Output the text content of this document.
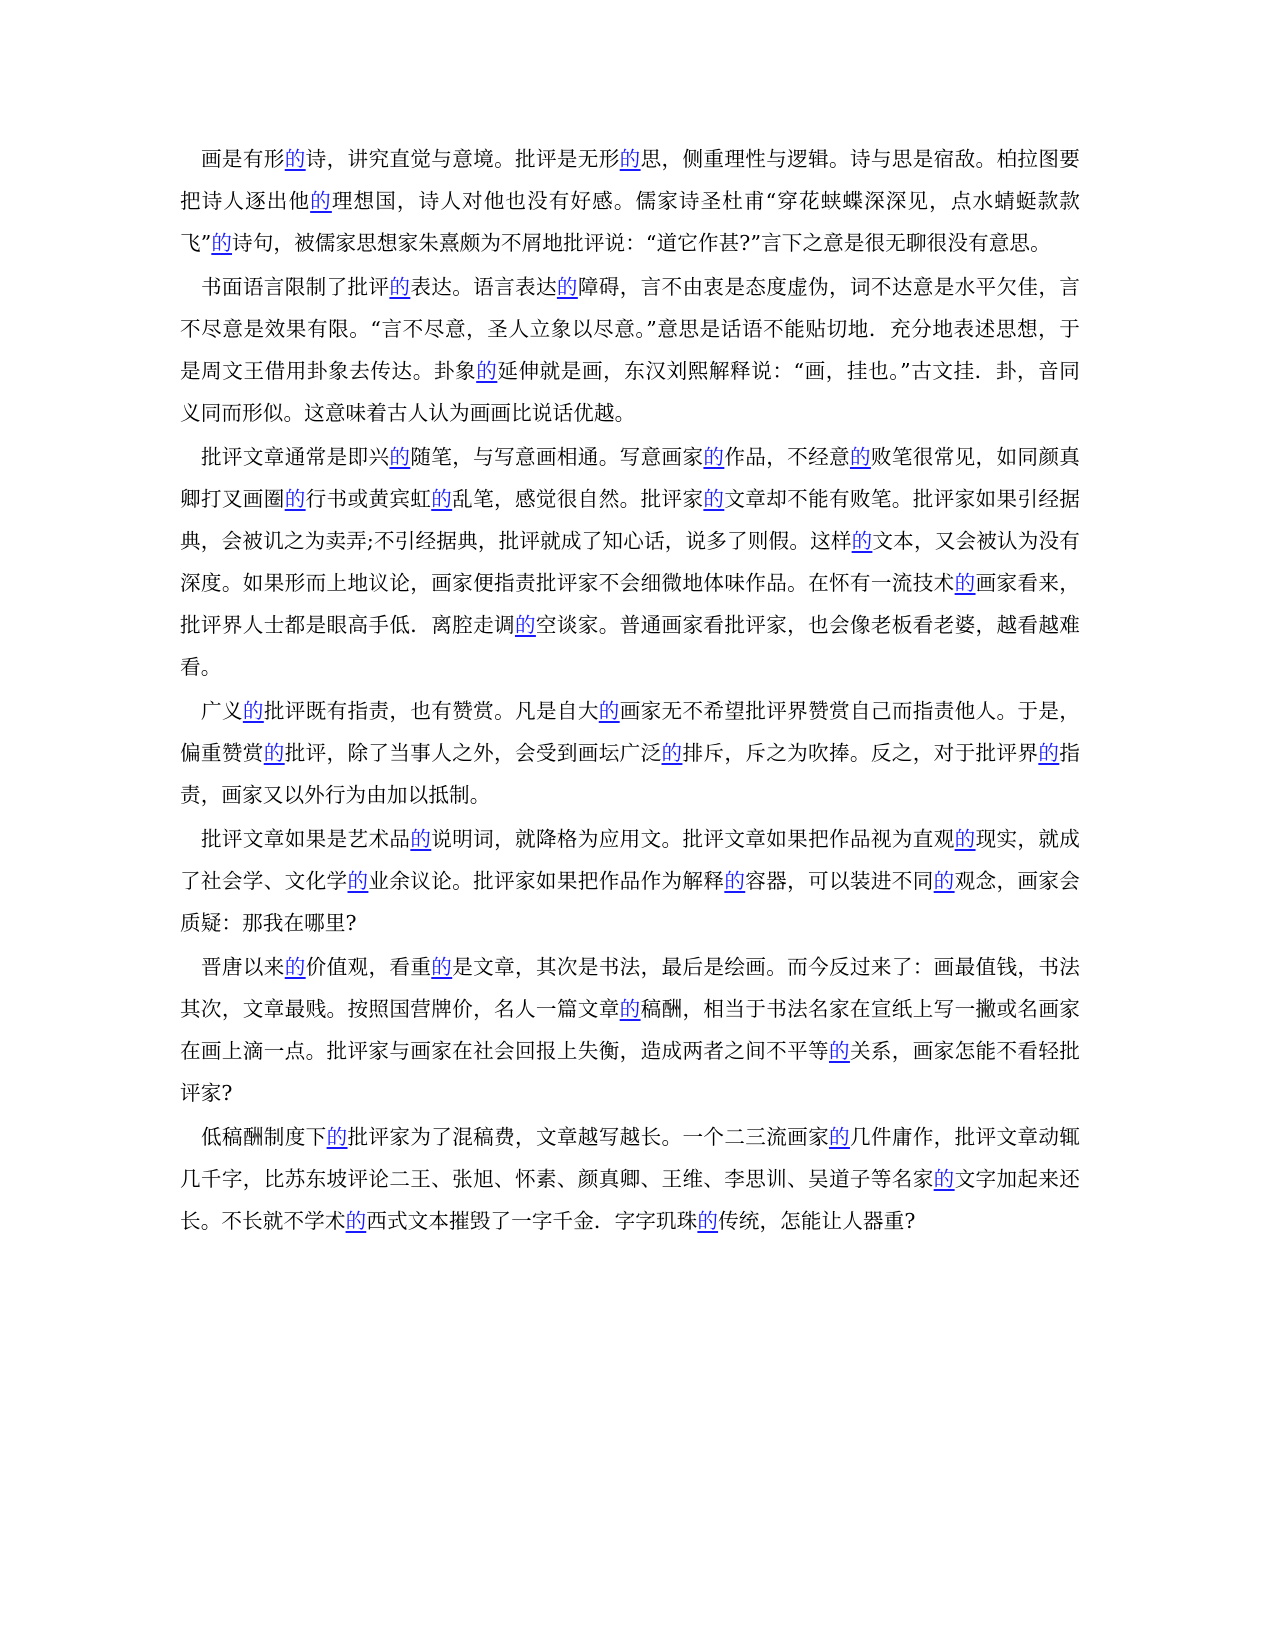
画是有形的诗，讲究直觉与意境。批评是无形的思，侧重理性与逻辑。诗与思是宿敌。柏拉图要把诗人逐出他的理想国，诗人对他也没有好感。儒家诗圣杜甫“穿花蛱蝶深深见，点水蜻蜓款款飞”的诗句，被儒家思想家朱熹颇为不屑地批评说：“道它作甚?”言下之意是很无聊很没有意思。

书面语言限制了批评的表达。语言表达的障碍，言不由衷是态度虚伪，词不达意是水平欠佳，言不尽意是效果有限。“言不尽意，圣人立象以尽意。”意思是话语不能贴切地．充分地表述思想，于是周文王借用卦象去传达。卦象的延伸就是画，东汉刘熙解释说：“画，挂也。”古文挂．卦，音同义同而形似。这意味着古人认为画画比说话优越。

批评文章通常是即兴的随笔，与写意画相通。写意画家的作品，不经意的败笔很常见，如同颜真卿打叉画圈的行书或黄宾虹的乱笔，感觉很自然。批评家的文章却不能有败笔。批评家如果引经据典，会被讥之为卖弄;不引经据典，批评就成了知心话，说多了则假。这样的文本，又会被认为没有深度。如果形而上地议论，画家便指责批评家不会细微地体味作品。在怀有一流技术的画家看来，批评界人士都是眼高手低．离腔走调的空谈家。普通画家看批评家，也会像老板看老婆，越看越难看。

广义的批评既有指责，也有赞赏。凡是自大的画家无不希望批评界赞赏自己而指责他人。于是，偏重赞赏的批评，除了当事人之外，会受到画坛广泛的排斥，斥之为吹捧。反之，对于批评界的指责，画家又以外行为由加以抵制。

批评文章如果是艺术品的说明词，就降格为应用文。批评文章如果把作品视为直观的现实，就成了社会学、文化学的业余议论。批评家如果把作品作为解释的容器，可以装进不同的观念，画家会质疑：那我在哪里?

晋唐以来的价值观，看重的是文章，其次是书法，最后是绘画。而今反过来了：画最值钱，书法其次，文章最贱。按照国营牌价，名人一篇文章的稿酬，相当于书法名家在宣纸上写一撇或名画家在画上滴一点。批评家与画家在社会回报上失衡，造成两者之间不平等的关系，画家怎能不看轻批评家?

低稿酬制度下的批评家为了混稿费，文章越写越长。一个二三流画家的几件庸作，批评文章动辄几千字，比苏东坡评论二王、张旭、怀素、颜真卿、王维、李思训、吴道子等名家的文字加起来还长。不长就不学术的西式文本摧毁了一字千金．字字玑珠的传统，怎能让人器重?
